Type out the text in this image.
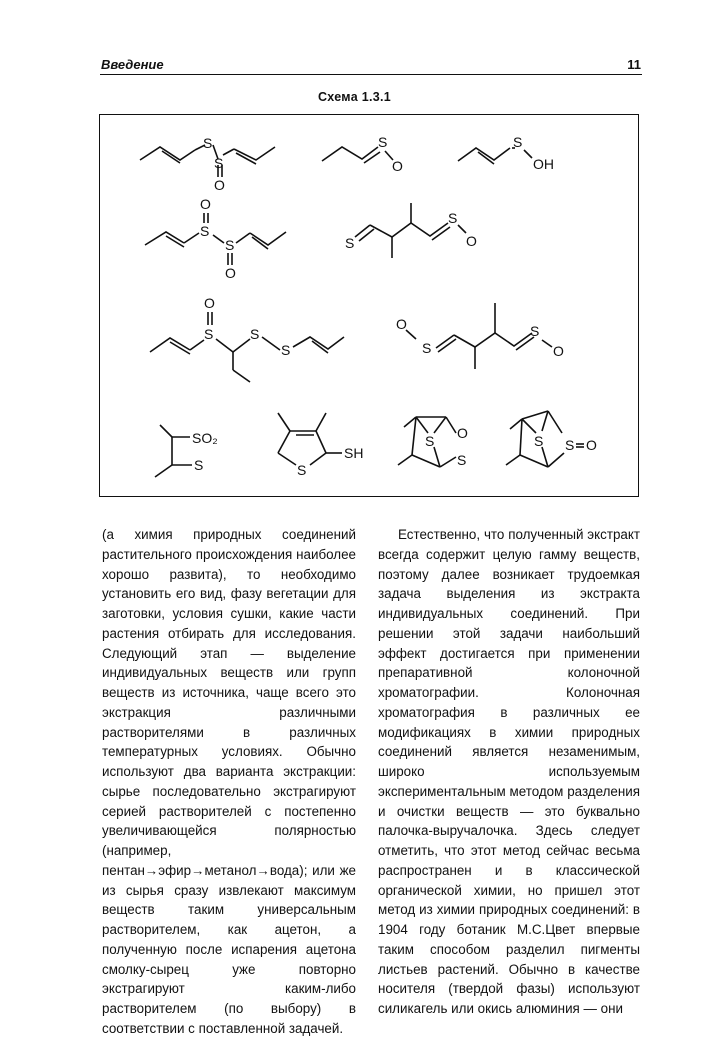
Введение	11
Схема 1.3.1
S
S
O
S
O
S
OH
O
S
S
O
S
S
O
O
S	S
S
O
S
S
O
SO₂
S	S
SH
S O
S
S S O
(а химия природных соединений растительного происхождения наиболее хорошо развита), то необходимо установить его вид, фазу вегетации для заготовки, условия сушки, какие части растения отбирать для исследования. Следующий этап — выделение индивидуальных веществ или групп веществ из источника, чаще всего это экстракция различными растворителями в различных температурных условиях. Обычно используют два варианта экстракции: сырье последовательно экстрагируют серией растворителей с постепенно увеличивающейся полярностью (например, пентан→эфир→метанол→вода); или же из сырья сразу извлекают максимум веществ таким универсальным растворителем, как ацетон, а полученную после испарения ацетона смолку-сырец уже повторно экстрагируют каким-либо растворителем (по выбору) в соответствии с поставленной задачей.
Естественно, что полученный экстракт всегда содержит целую гамму веществ, поэтому далее возникает трудоемкая задача выделения из экстракта индивидуальных соединений. При решении этой задачи наибольший эффект достигается при применении препаративной колоночной хроматографии. Колоночная хроматография в различных ее модификациях в химии природных соединений является незаменимым, широко используемым экспериментальным методом разделения и очистки веществ — это буквально палочка-выручалочка. Здесь следует отметить, что этот метод сейчас весьма распространен и в классической органической химии, но пришел этот метод из химии природных соединений: в 1904 году ботаник М.С.Цвет впервые таким способом разделил пигменты листьев растений. Обычно в качестве носителя (твердой фазы) используют силикагель или окись алюминия — они
